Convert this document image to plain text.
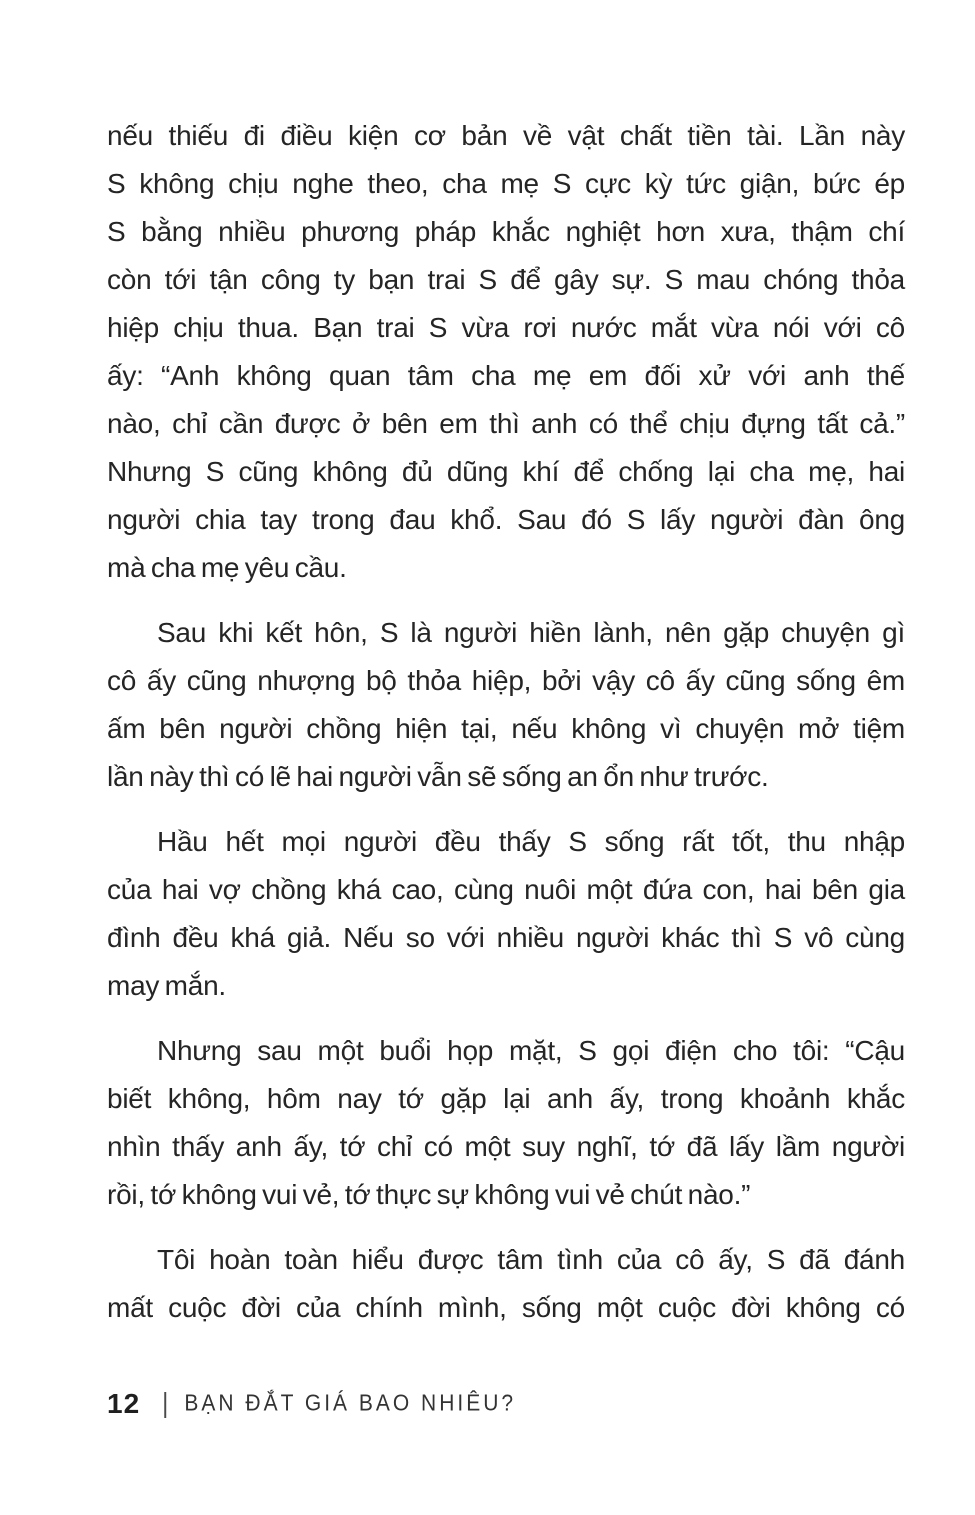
nếu thiếu đi điều kiện cơ bản về vật chất tiền tài. Lần này
S không chịu nghe theo, cha mẹ S cực kỳ tức giận, bức ép
S bằng nhiều phương pháp khắc nghiệt hơn xưa, thậm chí
còn tới tận công ty bạn trai S để gây sự. S mau chóng thỏa
hiệp chịu thua. Bạn trai S vừa rơi nước mắt vừa nói với cô
ấy: “Anh không quan tâm cha mẹ em đối xử với anh thế
nào, chỉ cần được ở bên em thì anh có thể chịu đựng tất cả.”
Nhưng S cũng không đủ dũng khí để chống lại cha mẹ, hai
người chia tay trong đau khổ. Sau đó S lấy người đàn ông
mà cha mẹ yêu cầu.
Sau khi kết hôn, S là người hiền lành, nên gặp chuyện gì
cô ấy cũng nhượng bộ thỏa hiệp, bởi vậy cô ấy cũng sống êm
ấm bên người chồng hiện tại, nếu không vì chuyện mở tiệm
lần này thì có lẽ hai người vẫn sẽ sống an ổn như trước.
Hầu hết mọi người đều thấy S sống rất tốt, thu nhập
của hai vợ chồng khá cao, cùng nuôi một đứa con, hai bên gia
đình đều khá giả. Nếu so với nhiều người khác thì S vô cùng
may mắn.
Nhưng sau một buổi họp mặt, S gọi điện cho tôi: “Cậu
biết không, hôm nay tớ gặp lại anh ấy, trong khoảnh khắc
nhìn thấy anh ấy, tớ chỉ có một suy nghĩ, tớ đã lấy lầm người
rồi, tớ không vui vẻ, tớ thực sự không vui vẻ chút nào.”
Tôi hoàn toàn hiểu được tâm tình của cô ấy, S đã đánh
mất cuộc đời của chính mình, sống một cuộc đời không có
12 | BẠN ĐẮT GIÁ BAO NHIÊU?
